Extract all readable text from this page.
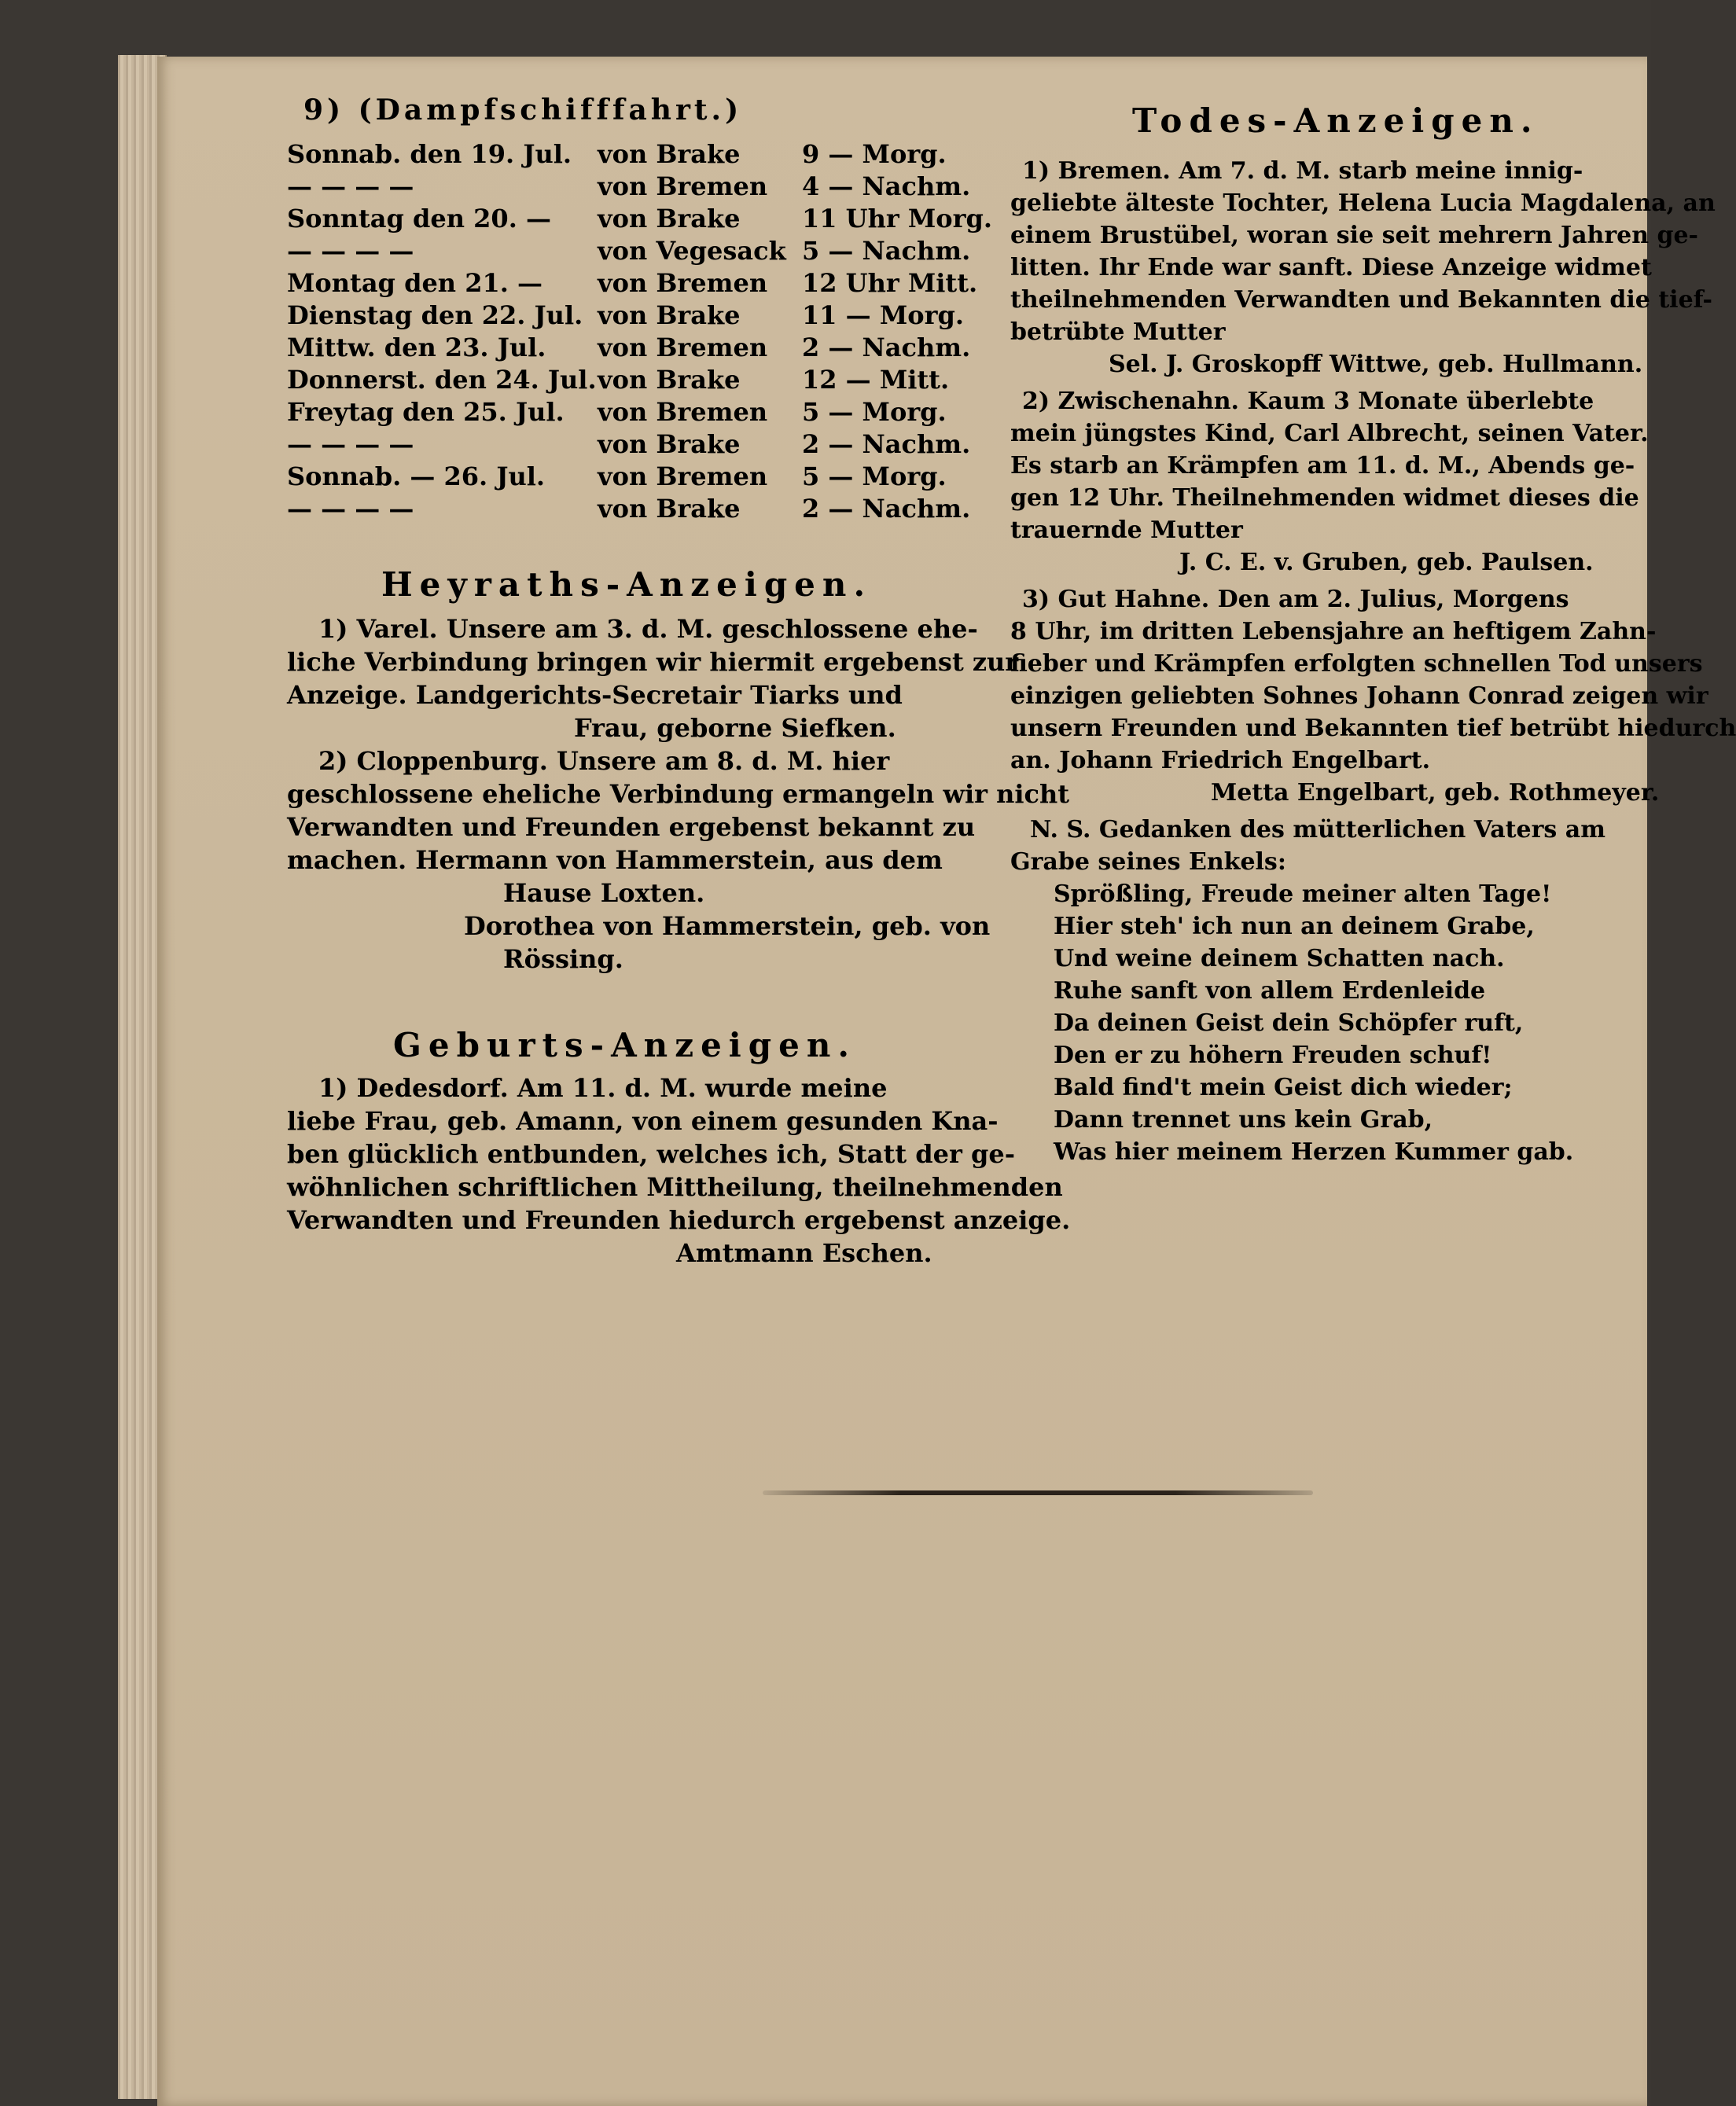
9) (Dampfschifffahrt.)
Heyraths-Anzeigen.
Geburts-Anzeigen.
Todes-Anzeigen.
Sonnab. den 19. Jul. von Brake 9 — Morg.
— — — —	von Bremen 4 — Nachm.
Sonntag den 20. — von Brake 11 Uhr Morg.
— — — —	von Vegesack 5 — Nachm.
Montag den 21. — von Bremen 12 Uhr Mitt.
Dienstag den 22. Jul. von Brake 11 — Morg.
Mittw. den 23. Jul. von Bremen 2 — Nachm.
Donnerst. den 24. Jul. von Brake 12 — Mitt.
Freytag den 25. Jul. von Bremen 5 — Morg.
— — — —	von Brake 2 — Nachm.
Sonnab. — 26. Jul. von Bremen 5 — Morg.
— — — —	von Brake 2 — Nachm.
1) Varel. Unsere am 3. d. M. geschlossene ehe-
liche Verbindung bringen wir hiermit ergebenst zur
Anzeige. Landgerichts-Secretair Tiarks und
Frau, geborne Siefken.
2) Cloppenburg. Unsere am 8. d. M. hier
geschlossene eheliche Verbindung ermangeln wir nicht
Verwandten und Freunden ergebenst bekannt zu
machen. Hermann von Hammerstein, aus dem
Hause Loxten.
Dorothea von Hammerstein, geb. von
Rössing.
1) Dedesdorf. Am 11. d. M. wurde meine
liebe Frau, geb. Amann, von einem gesunden Kna-
ben glücklich entbunden, welches ich, Statt der ge-
wöhnlichen schriftlichen Mittheilung, theilnehmenden
Verwandten und Freunden hiedurch ergebenst anzeige.
Amtmann Eschen.
1) Bremen. Am 7. d. M. starb meine innig-
geliebte älteste Tochter, Helena Lucia Magdalena, an
einem Brustübel, woran sie seit mehrern Jahren ge-
litten. Ihr Ende war sanft. Diese Anzeige widmet
theilnehmenden Verwandten und Bekannten die tief-
betrübte Mutter
Sel. J. Groskopff Wittwe, geb. Hullmann.
2) Zwischenahn. Kaum 3 Monate überlebte
mein jüngstes Kind, Carl Albrecht, seinen Vater.
Es starb an Krämpfen am 11. d. M., Abends ge-
gen 12 Uhr. Theilnehmenden widmet dieses die
trauernde Mutter
J. C. E. v. Gruben, geb. Paulsen.
3) Gut Hahne. Den am 2. Julius, Morgens
8 Uhr, im dritten Lebensjahre an heftigem Zahn-
fieber und Krämpfen erfolgten schnellen Tod unsers
einzigen geliebten Sohnes Johann Conrad zeigen wir
unsern Freunden und Bekannten tief betrübt hiedurch
an. Johann Friedrich Engelbart.
Metta Engelbart, geb. Rothmeyer.
N. S. Gedanken des mütterlichen Vaters am
Grabe seines Enkels:
Sprößling, Freude meiner alten Tage!
Hier steh' ich nun an deinem Grabe,
Und weine deinem Schatten nach.
Ruhe sanft von allem Erdenleide
Da deinen Geist dein Schöpfer ruft,
Den er zu höhern Freuden schuf!
Bald find't mein Geist dich wieder;
Dann trennet uns kein Grab,
Was hier meinem Herzen Kummer gab.
